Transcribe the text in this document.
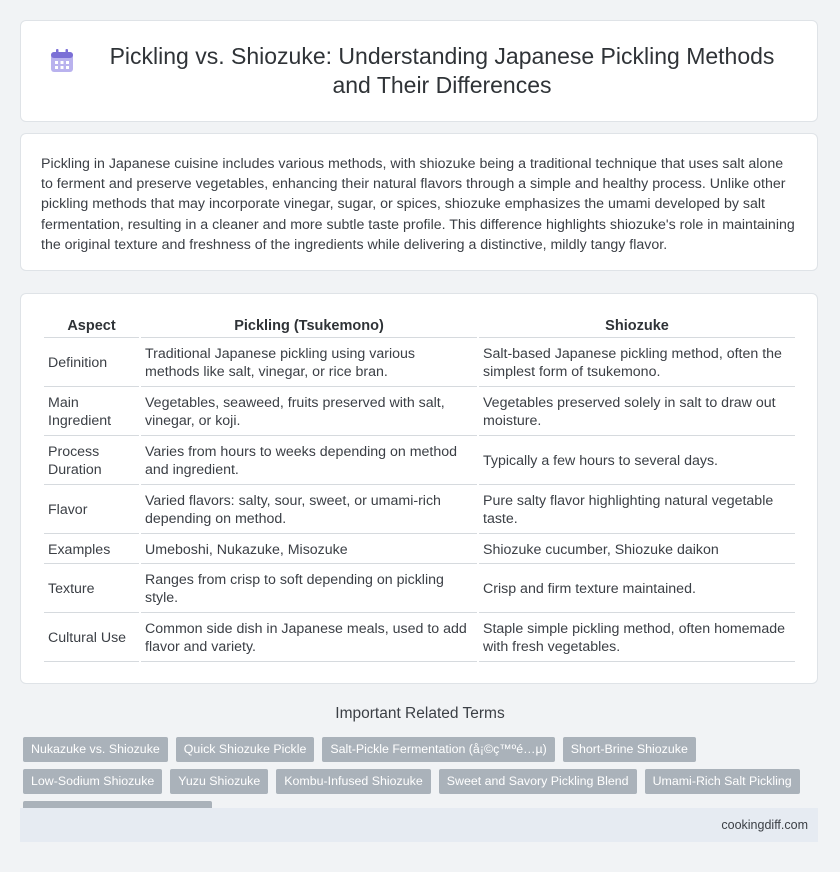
Pickling vs. Shiozuke: Understanding Japanese Pickling Methods and Their Differences

Pickling in Japanese cuisine includes various methods, with shiozuke being a traditional technique that uses salt alone to ferment and preserve vegetables, enhancing their natural flavors through a simple and healthy process. Unlike other pickling methods that may incorporate vinegar, sugar, or spices, shiozuke emphasizes the umami developed by salt fermentation, resulting in a cleaner and more subtle taste profile. This difference highlights shiozuke's role in maintaining the original texture and freshness of the ingredients while delivering a distinctive, mildly tangy flavor.

Aspect	Pickling (Tsukemono)	Shiozuke
Definition	Traditional Japanese pickling using various methods like salt, vinegar, or rice bran.	Salt-based Japanese pickling method, often the simplest form of tsukemono.
Main Ingredient	Vegetables, seaweed, fruits preserved with salt, vinegar, or koji.	Vegetables preserved solely in salt to draw out moisture.
Process Duration	Varies from hours to weeks depending on method and ingredient.	Typically a few hours to several days.
Flavor	Varied flavors: salty, sour, sweet, or umami-rich depending on method.	Pure salty flavor highlighting natural vegetable taste.
Examples	Umeboshi, Nukazuke, Misozuke	Shiozuke cucumber, Shiozuke daikon
Texture	Ranges from crisp to soft depending on pickling style.	Crisp and firm texture maintained.
Cultural Use	Common side dish in Japanese meals, used to add flavor and variety.	Staple simple pickling method, often homemade with fresh vegetables.
Important Related Terms
Nukazuke vs. Shiozuke	Quick Shiozuke Pickle	Salt-Pickle Fermentation (å¡©ç™ºé…µ)	Short-Brine Shiozuke
Low-Sodium Shiozuke	Yuzu Shiozuke	Kombu-Infused Shiozuke	Sweet and Savory Pickling Blend	Umami-Rich Salt Pickling
cookingdiff.com
